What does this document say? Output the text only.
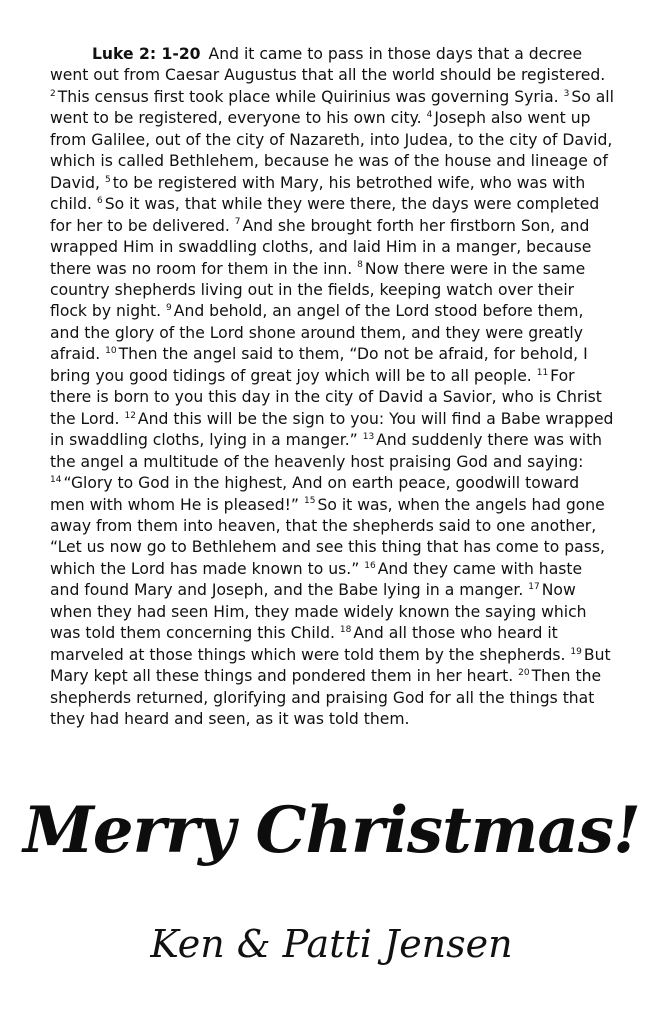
Luke 2: 1-20 And it came to pass in those days that a decree went out from Caesar Augustus that all the world should be registered. $^2$ This census first took place while Quirinius was governing Syria. $^3$ So all went to be registered, everyone to his own city. $^4$ Joseph also went up from Galilee, out of the city of Nazareth, into Judea, to the city of David, which is called Bethlehem, because he was of the house and lineage of David, $^5$ to be registered with Mary, his betrothed wife, who was with child. $^6$ So it was, that while they were there, the days were completed for her to be delivered. $^7$ And she brought forth her firstborn Son, and wrapped Him in swaddling cloths, and laid Him in a manger, because there was no room for them in the inn. $^8$ Now there were in the same country shepherds living out in the fields, keeping watch over their flock by night. $^9$ And behold, an angel of the Lord stood before them, and the glory of the Lord shone around them, and they were greatly afraid. $^{10}$ Then the angel said to them, “Do not be afraid, for behold, I bring you good tidings of great joy which will be to all people. $^{11}$ For there is born to you this day in the city of David a Savior, who is Christ the Lord. $^{12}$ And this will be the sign to you: You will find a Babe wrapped in swaddling cloths, lying in a manger.” $^{13}$ And suddenly there was with the angel a multitude of the heavenly host praising God and saying: $^{14}$ “Glory to God in the highest, And on earth peace, goodwill toward men with whom He is pleased!” $^{15}$ So it was, when the angels had gone away from them into heaven, that the shepherds said to one another, “Let us now go to Bethlehem and see this thing that has come to pass, which the Lord has made known to us.” $^{16}$ And they came with haste and found Mary and Joseph, and the Babe lying in a manger. $^{17}$ Now when they had seen Him, they made widely known the saying which was told them concerning this Child. $^{18}$ And all those who heard it marveled at those things which were told them by the shepherds. $^{19}$ But Mary kept all these things and pondered them in her heart. $^{20}$ Then the shepherds returned, glorifying and praising God for all the things that they had heard and seen, as it was told them.

Merry Christmas!
Ken & Patti Jensen
